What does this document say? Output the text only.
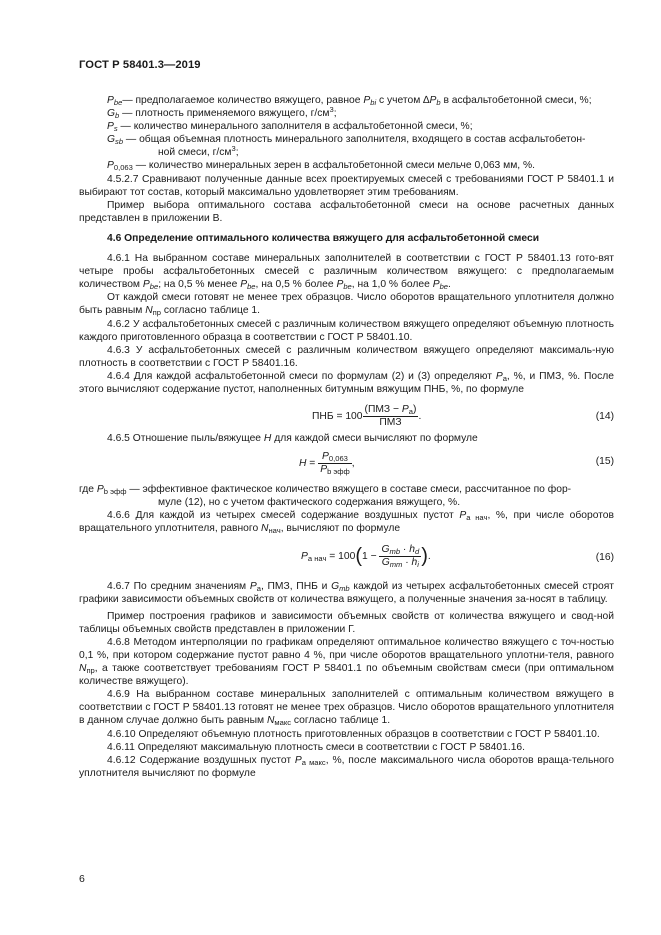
ГОСТ Р 58401.3—2019

$P_{be}—$ предполагаемое количество вяжущего, равное $P_{bi}$ с учетом $\Delta P_b$ в асфальтобетонной смеси, %;

$G_b$ — плотность применяемого вяжущего, $г/см^3$;

$P_s$ — количество минерального заполнителя в асфальтобетонной смеси, %;

$G_{sb}$ — общая объемная плотность минерального заполнителя, входящего в состав асфальтобетон-

ной смеси, $г/см^3$;

$P_{0,063}$ — количество минеральных зерен в асфальтобетонной смеси мельче 0,063 мм, %.

4.5.2.7 Сравнивают полученные данные всех проектируемых смесей с требованиями ГОСТ Р 58401.1 и выбирают тот состав, который максимально удовлетворяет этим требованиям.

Пример выбора оптимального состава асфальтобетонной смеси на основе расчетных данных представлен в приложении В.

4.6 Определение оптимального количества вяжущего для асфальтобетонной смеси

4.6.1 На выбранном составе минеральных заполнителей в соответствии с ГОСТ Р 58401.13 гото-вят четыре пробы асфальтобетонных смесей с различным количеством вяжущего: с предполагаемым количеством $P_{be}$; на 0,5 % менее $P_{be}$, на 0,5 % более $P_{be}$, на 1,0 % более $P_{be}$.

От каждой смеси готовят не менее трех образцов. Число оборотов вращательного уплотнителя должно быть равным $N_{пр}$ согласно таблице 1.

4.6.2 У асфальтобетонных смесей с различным количеством вяжущего определяют объемную плотность каждого приготовленного образца в соответствии с ГОСТ Р 58401.10.

4.6.3 У асфальтобетонных смесей с различным количеством вяжущего определяют максималь-ную плотность в соответствии с ГОСТ Р 58401.16.

4.6.4 Для каждой асфальтобетонной смеси по формулам (2) и (3) определяют $P_a$, %, и ПМЗ, %. После этого вычисляют содержание пустот, наполненных битумным вяжущим ПНБ, %, по формуле

ПНБ = $100 \frac{(ПМЗ - P_a)}{\text{ПМЗ}}$ .	(14)

4.6.5 Отношение пыль/вяжущее H для каждой смеси вычисляют по формуле

$H = \frac{P_{0,063}}{P_{b эфф}}$ ,	(15)

где $P_{b эфф}$ — эффективное фактическое количество вяжущего в составе смеси, рассчитанное по фор-

муле (12), но с учетом фактического содержания вяжущего, %.

4.6.6 Для каждой из четырех смесей содержание воздушных пустот $P_{a нач}$, %, при числе оборотов вращательного уплотнителя, равного $N_{нач}$, вычисляют по формуле

$P_{a нач} = 100(1 - \frac{G_{mb} \cdot h_d}{G_{mm} \cdot h_i}$ ).	(16)

4.6.7 По средним значениям $P_a$, ПМЗ, ПНБ и $G_{mb}$ каждой из четырех асфальтобетонных смесей строят графики зависимости объемных свойств от количества вяжущего, а полученные значения за-носят в таблицу.

Пример построения графиков и зависимости объемных свойств от количества вяжущего и свод-ной таблицы объемных свойств представлен в приложении Г.

4.6.8 Методом интерполяции по графикам определяют оптимальное количество вяжущего с точ-ностью 0,1 %, при котором содержание пустот равно 4 %, при числе оборотов вращательного уплотни-теля, равного $N_{пр}$, а также соответствует требованиям ГОСТ Р 58401.1 по объемным свойствам смеси (при оптимальном количестве вяжущего).

4.6.9 На выбранном составе минеральных заполнителей с оптимальным количеством вяжущего в соответствии с ГОСТ Р 58401.13 готовят не менее трех образцов. Число оборотов вращательного уплотнителя в данном случае должно быть равным $N_{макс}$ согласно таблице 1.

4.6.10 Определяют объемную плотность приготовленных образцов в соответствии с ГОСТ Р 58401.10.

4.6.11 Определяют максимальную плотность смеси в соответствии с ГОСТ Р 58401.16.

4.6.12 Содержание воздушных пустот $P_{a макс}$, %, после максимального числа оборотов враща-тельного уплотнителя вычисляют по формуле

6
